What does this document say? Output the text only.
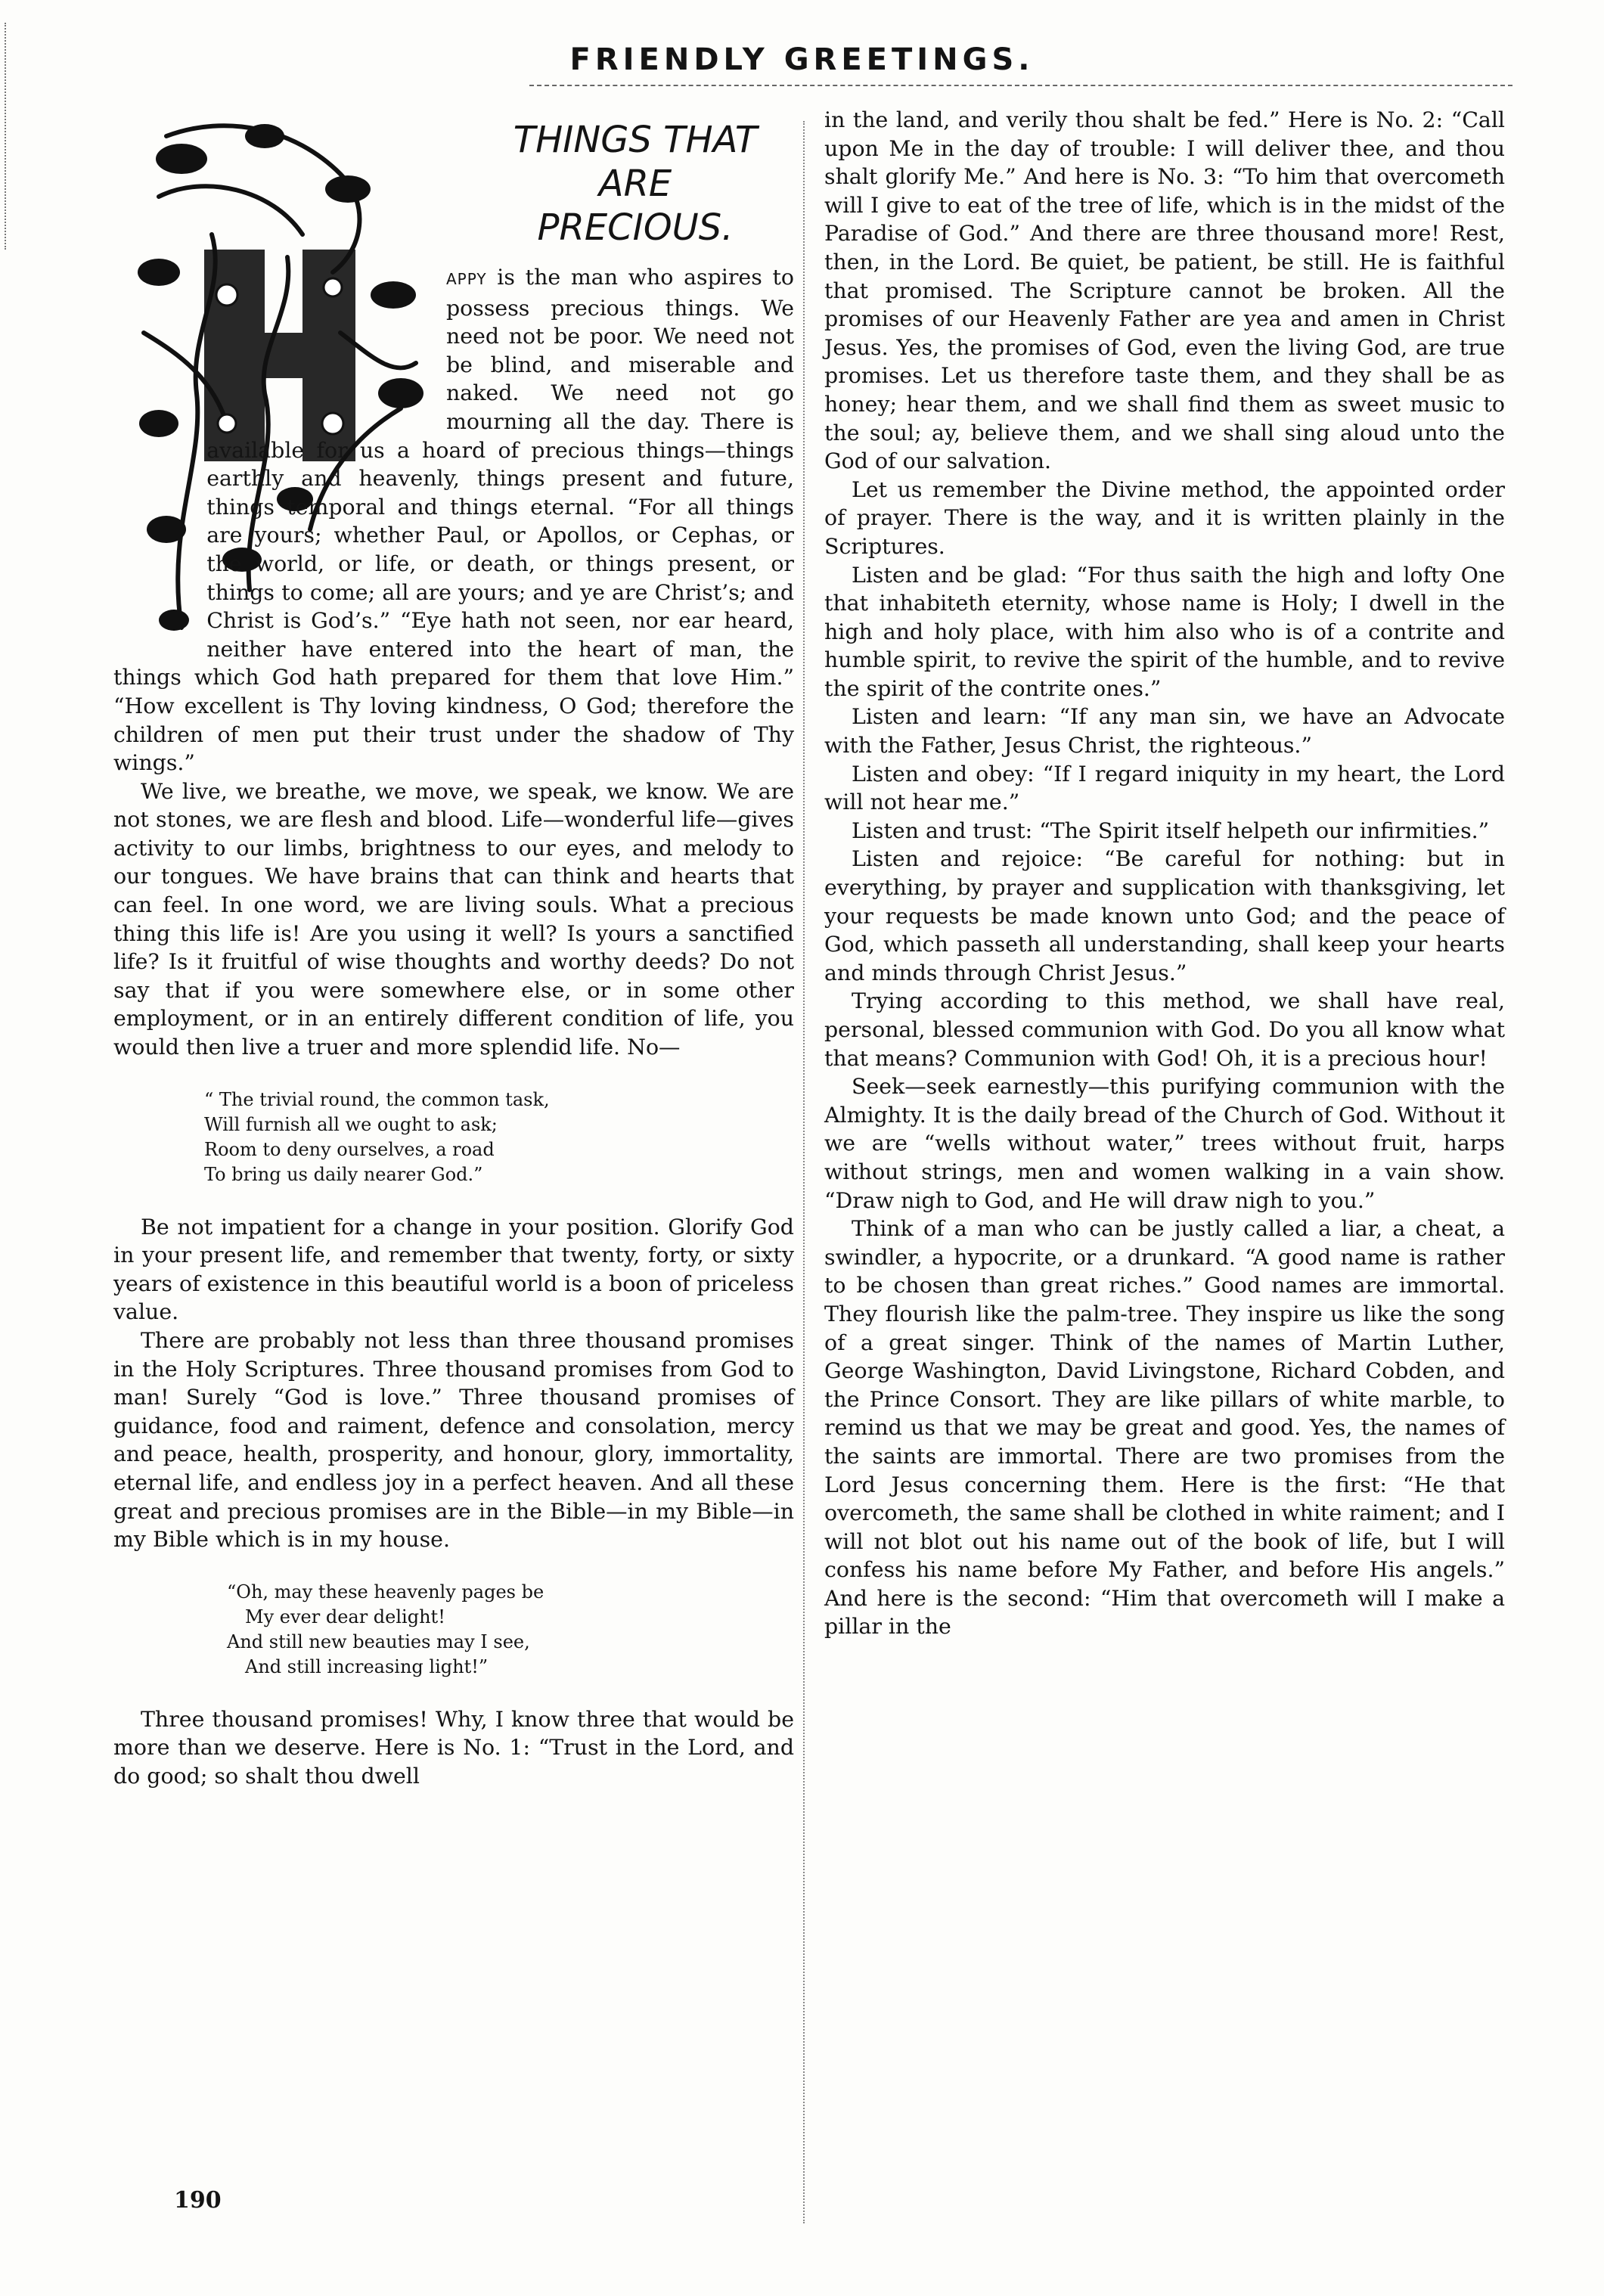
FRIENDLY GREETINGS.
THINGS THAT ARE
PRECIOUS.

APPY is the man who aspires to possess precious things. We need not be poor. We need not be blind, and miserable and naked. We need not go mourning all the day. There is available for us a hoard of precious things—things earthly and heavenly, things present and future, things temporal and things eternal. “For all things are yours; whether Paul, or Apollos, or Cephas, or the world, or life, or death, or things present, or things to come; all are yours; and ye are Christ’s; and Christ is God’s.” “Eye hath not seen, nor ear heard, neither have entered into the heart of man, the things which God hath prepared for them that love Him.” “How excellent is Thy loving kindness, O God; therefore the children of men put their trust under the shadow of Thy wings.”

We live, we breathe, we move, we speak, we know. We are not stones, we are flesh and blood. Life—wonderful life—gives activity to our limbs, brightness to our eyes, and melody to our tongues. We have brains that can think and hearts that can feel. In one word, we are living souls. What a precious thing this life is! Are you using it well? Is yours a sanctified life? Is it fruitful of wise thoughts and worthy deeds? Do not say that if you were somewhere else, or in some other employment, or in an entirely different condition of life, you would then live a truer and more splendid life. No—

“ The trivial round, the common task,
Will furnish all we ought to ask;
Room to deny ourselves, a road
To bring us daily nearer God.”

Be not impatient for a change in your position. Glorify God in your present life, and remember that twenty, forty, or sixty years of existence in this beautiful world is a boon of priceless value.

There are probably not less than three thousand promises in the Holy Scriptures. Three thousand promises from God to man! Surely “God is love.” Three thousand promises of guidance, food and raiment, defence and consolation, mercy and peace, health, prosperity, and honour, glory, immortality, eternal life, and endless joy in a perfect heaven. And all these great and precious promises are in the Bible—in my Bible—in my Bible which is in my house.

“Oh, may these heavenly pages be
My ever dear delight!
And still new beauties may I see,
And still increasing light!”

Three thousand promises! Why, I know three that would be more than we deserve. Here is No. 1: “Trust in the Lord, and do good; so shalt thou dwell

in the land, and verily thou shalt be fed.” Here is No. 2: “Call upon Me in the day of trouble: I will deliver thee, and thou shalt glorify Me.” And here is No. 3: “To him that overcometh will I give to eat of the tree of life, which is in the midst of the Paradise of God.” And there are three thousand more! Rest, then, in the Lord. Be quiet, be patient, be still. He is faithful that promised. The Scripture cannot be broken. All the promises of our Heavenly Father are yea and amen in Christ Jesus. Yes, the promises of God, even the living God, are true promises. Let us therefore taste them, and they shall be as honey; hear them, and we shall find them as sweet music to the soul; ay, believe them, and we shall sing aloud unto the God of our salvation.

Let us remember the Divine method, the appointed order of prayer. There is the way, and it is written plainly in the Scriptures.

Listen and be glad: “For thus saith the high and lofty One that inhabiteth eternity, whose name is Holy; I dwell in the high and holy place, with him also who is of a contrite and humble spirit, to revive the spirit of the humble, and to revive the spirit of the contrite ones.”

Listen and learn: “If any man sin, we have an Advocate with the Father, Jesus Christ, the righteous.”

Listen and obey: “If I regard iniquity in my heart, the Lord will not hear me.”

Listen and trust: “The Spirit itself helpeth our infirmities.”

Listen and rejoice: “Be careful for nothing: but in everything, by prayer and supplication with thanksgiving, let your requests be made known unto God; and the peace of God, which passeth all understanding, shall keep your hearts and minds through Christ Jesus.”

Trying according to this method, we shall have real, personal, blessed communion with God. Do you all know what that means? Communion with God! Oh, it is a precious hour!

Seek—seek earnestly—this purifying communion with the Almighty. It is the daily bread of the Church of God. Without it we are “wells without water,” trees without fruit, harps without strings, men and women walking in a vain show. “Draw nigh to God, and He will draw nigh to you.”

Think of a man who can be justly called a liar, a cheat, a swindler, a hypocrite, or a drunkard. “A good name is rather to be chosen than great riches.” Good names are immortal. They flourish like the palm-tree. They inspire us like the song of a great singer. Think of the names of Martin Luther, George Washington, David Livingstone, Richard Cobden, and the Prince Consort. They are like pillars of white marble, to remind us that we may be great and good. Yes, the names of the saints are immortal. There are two promises from the Lord Jesus concerning them. Here is the first: “He that overcometh, the same shall be clothed in white raiment; and I will not blot out his name out of the book of life, but I will confess his name before My Father, and before His angels.” And here is the second: “Him that overcometh will I make a pillar in the

190
